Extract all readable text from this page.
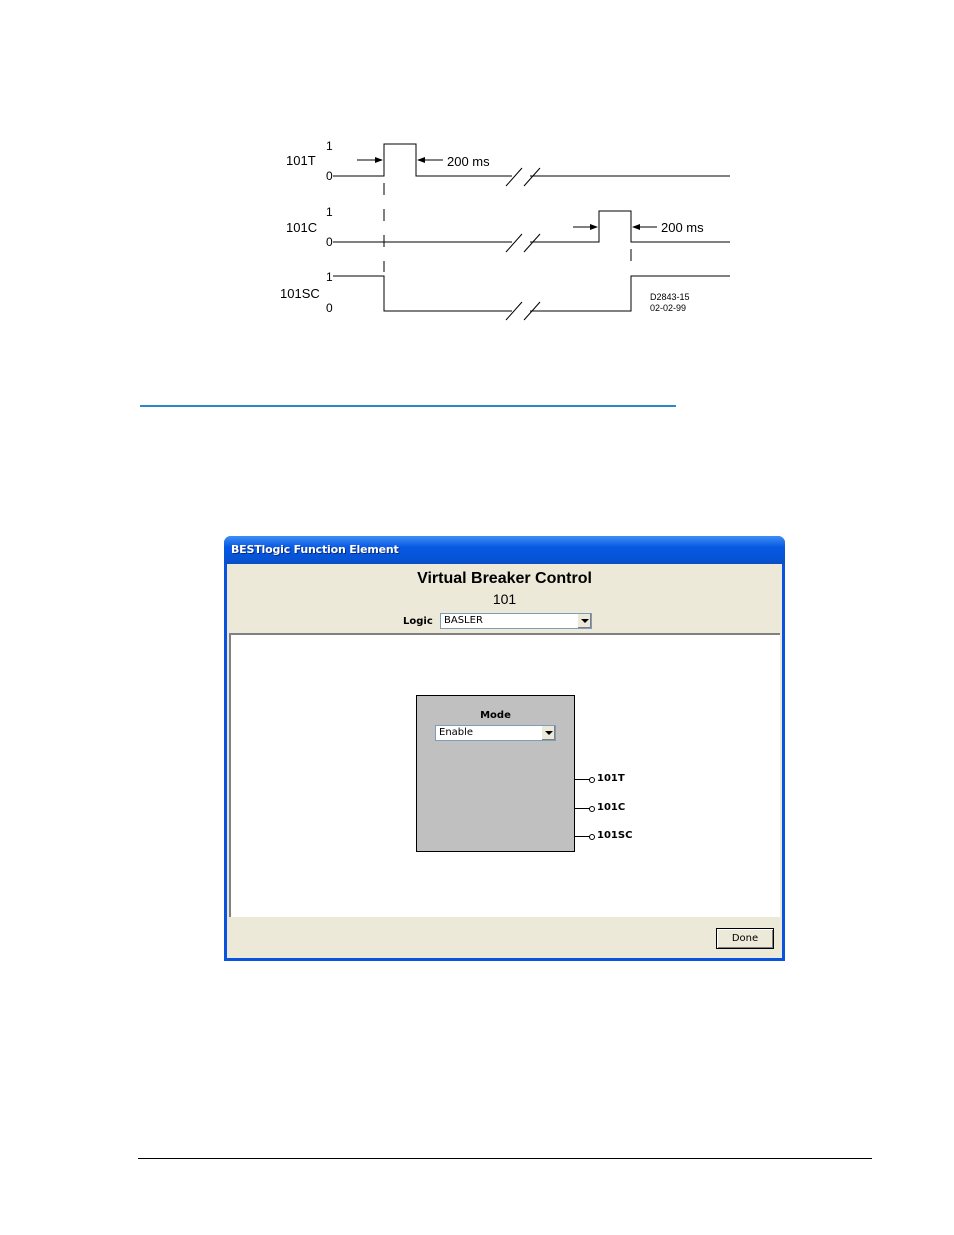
101T
1
0
200 ms
101C
1
0
200 ms
101SC
1
0
D2843-15
02-02-99
BESTlogic Function Element
Virtual Breaker Control
101
Logic BASLER
Mode
Enable
101T
101C
101SC
Done
